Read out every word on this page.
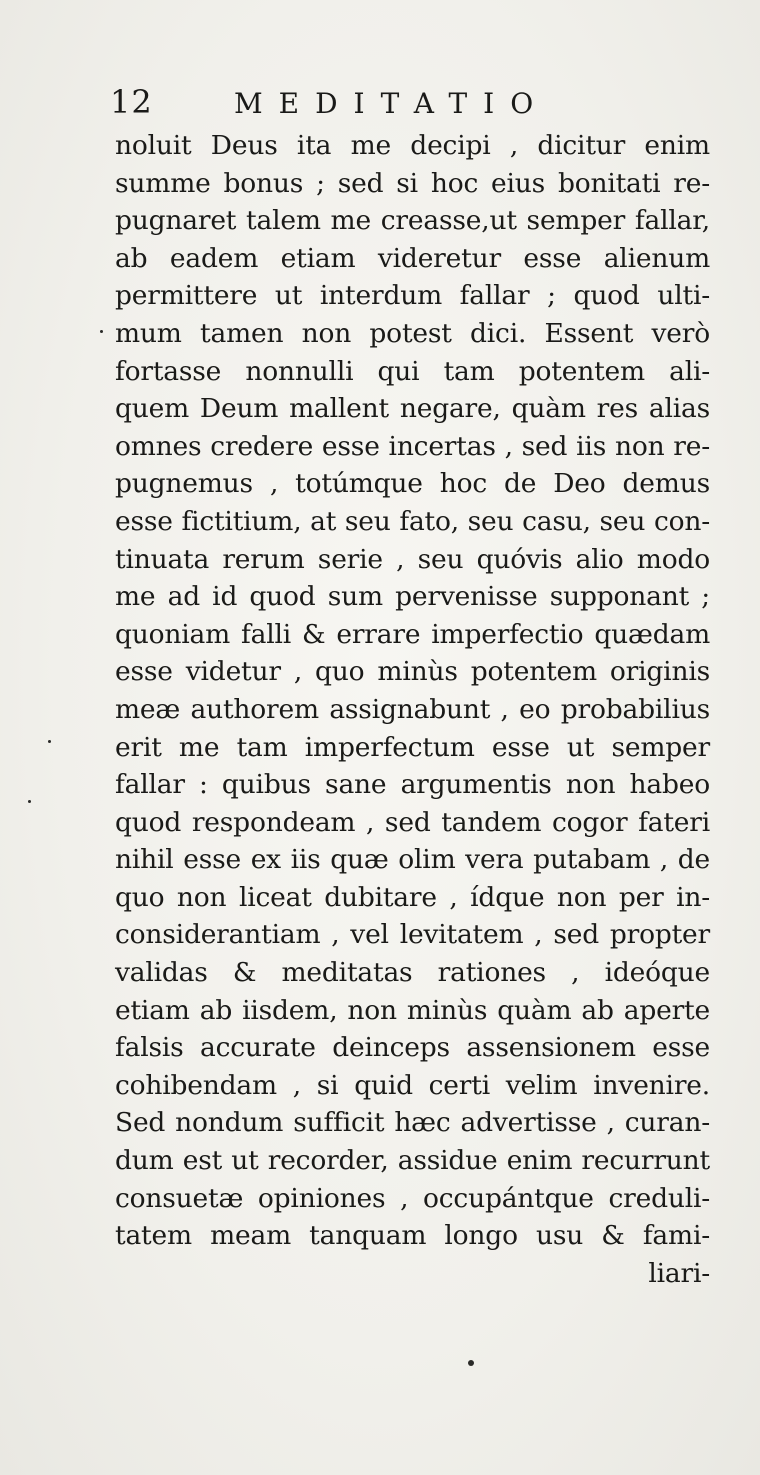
12	MEDITATIO
noluit Deus ita me decipi , dicitur enim
summe bonus ; sed si hoc eius bonitati re-
pugnaret talem me creasse,ut semper fallar,
ab eadem etiam videretur esse alienum
permittere ut interdum fallar ; quod ulti-
mum tamen non potest dici. Essent verò
fortasse nonnulli qui tam potentem ali-
quem Deum mallent negare, quàm res alias
omnes credere esse incertas , sed iis non re-
pugnemus , totúmque hoc de Deo demus
esse fictitium, at seu fato, seu casu, seu con-
tinuata rerum serie , seu quóvis alio modo
me ad id quod sum pervenisse supponant ;
quoniam falli & errare imperfectio quædam
esse videtur , quo minùs potentem originis
meæ authorem assignabunt , eo probabilius
erit me tam imperfectum esse ut semper
fallar : quibus sane argumentis non habeo
quod respondeam , sed tandem cogor fateri
nihil esse ex iis quæ olim vera putabam , de
quo non liceat dubitare , ídque non per in-
considerantiam , vel levitatem , sed propter
validas & meditatas rationes , ideóque
etiam ab iisdem, non minùs quàm ab aperte
falsis accurate deinceps assensionem esse
cohibendam , si quid certi velim invenire.
Sed nondum sufficit hæc advertisse , curan-
dum est ut recorder, assidue enim recurrunt
consuetæ opiniones , occupántque creduli-
tatem meam tanquam longo usu & fami-
liari-
